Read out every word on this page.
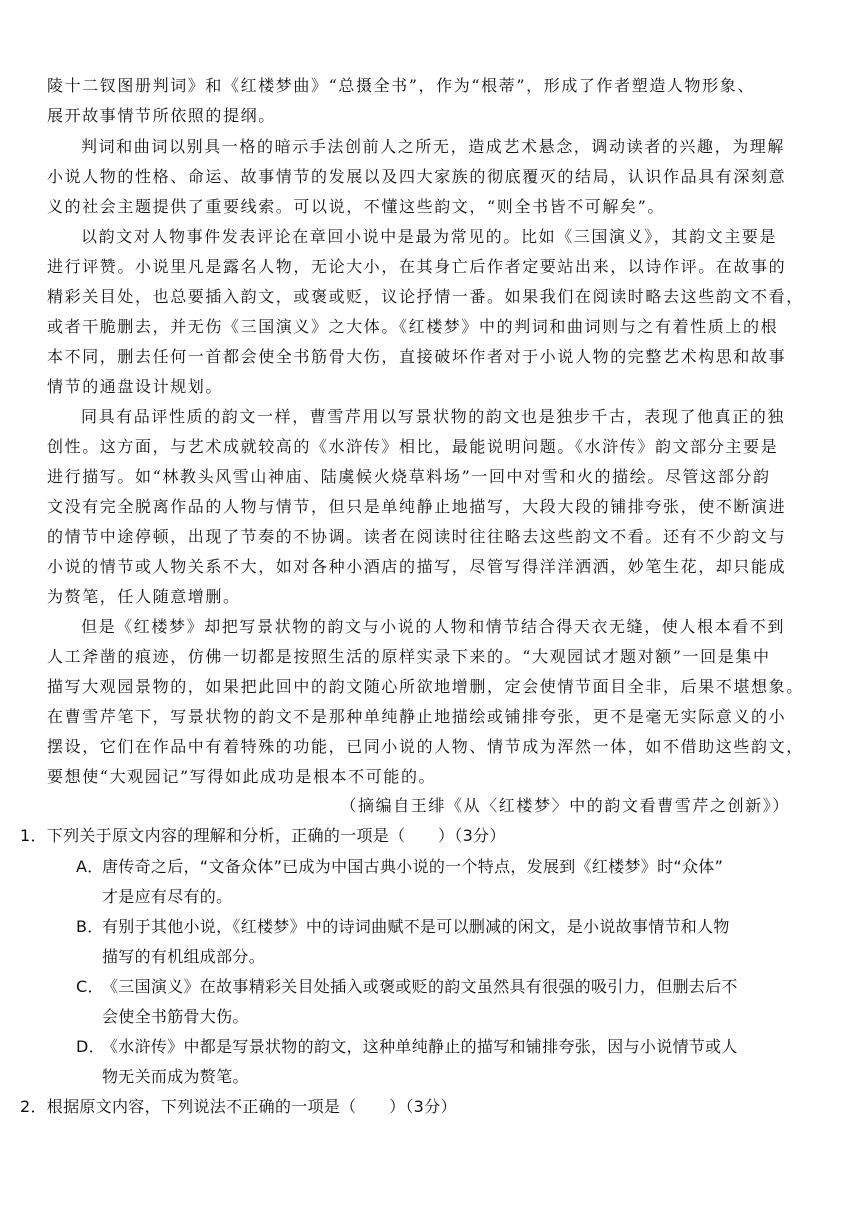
陵十二钗图册判词》和《红楼梦曲》“总摄全书”，作为“根蒂”，形成了作者塑造人物形象、
展开故事情节所依照的提纲。
判词和曲词以别具一格的暗示手法创前人之所无，造成艺术悬念，调动读者的兴趣，为理解
小说人物的性格、命运、故事情节的发展以及四大家族的彻底覆灭的结局，认识作品具有深刻意
义的社会主题提供了重要线索。可以说，不懂这些韵文，“则全书皆不可解矣”。
以韵文对人物事件发表评论在章回小说中是最为常见的。比如《三国演义》，其韵文主要是
进行评赞。小说里凡是露名人物，无论大小，在其身亡后作者定要站出来，以诗作评。在故事的
精彩关目处，也总要插入韵文，或褒或贬，议论抒情一番。如果我们在阅读时略去这些韵文不看，
或者干脆删去，并无伤《三国演义》之大体。《红楼梦》中的判词和曲词则与之有着性质上的根
本不同，删去任何一首都会使全书筋骨大伤，直接破坏作者对于小说人物的完整艺术构思和故事
情节的通盘设计规划。
同具有品评性质的韵文一样，曹雪芹用以写景状物的韵文也是独步千古，表现了他真正的独
创性。这方面，与艺术成就较高的《水浒传》相比，最能说明问题。《水浒传》韵文部分主要是
进行描写。如“林教头风雪山神庙、陆虞候火烧草料场”一回中对雪和火的描绘。尽管这部分韵
文没有完全脱离作品的人物与情节，但只是单纯静止地描写，大段大段的铺排夸张，使不断演进
的情节中途停顿，出现了节奏的不协调。读者在阅读时往往略去这些韵文不看。还有不少韵文与
小说的情节或人物关系不大，如对各种小酒店的描写，尽管写得洋洋洒洒，妙笔生花，却只能成
为赘笔，任人随意增删。
但是《红楼梦》却把写景状物的韵文与小说的人物和情节结合得天衣无缝，使人根本看不到
人工斧凿的痕迹，仿佛一切都是按照生活的原样实录下来的。“大观园试才题对额”一回是集中
描写大观园景物的，如果把此回中的韵文随心所欲地增删，定会使情节面目全非，后果不堪想象。
在曹雪芹笔下，写景状物的韵文不是那种单纯静止地描绘或铺排夸张，更不是毫无实际意义的小
摆设，它们在作品中有着特殊的功能，已同小说的人物、情节成为浑然一体，如不借助这些韵文，
要想使“大观园记”写得如此成功是根本不可能的。
（摘编自王绯《从〈红楼梦〉中的韵文看曹雪芹之创新》）
1．下列关于原文内容的理解和分析，正确的一项是（　　）（3分）
A．唐传奇之后，“文备众体”已成为中国古典小说的一个特点，发展到《红楼梦》时“众体”
才是应有尽有的。
B．有别于其他小说，《红楼梦》中的诗词曲赋不是可以删减的闲文，是小说故事情节和人物
描写的有机组成部分。
C．《三国演义》在故事精彩关目处插入或褒或贬的韵文虽然具有很强的吸引力，但删去后不
会使全书筋骨大伤。
D．《水浒传》中都是写景状物的韵文，这种单纯静止的描写和铺排夸张，因与小说情节或人
物无关而成为赘笔。
2．根据原文内容，下列说法不正确的一项是（　　）（3分）
